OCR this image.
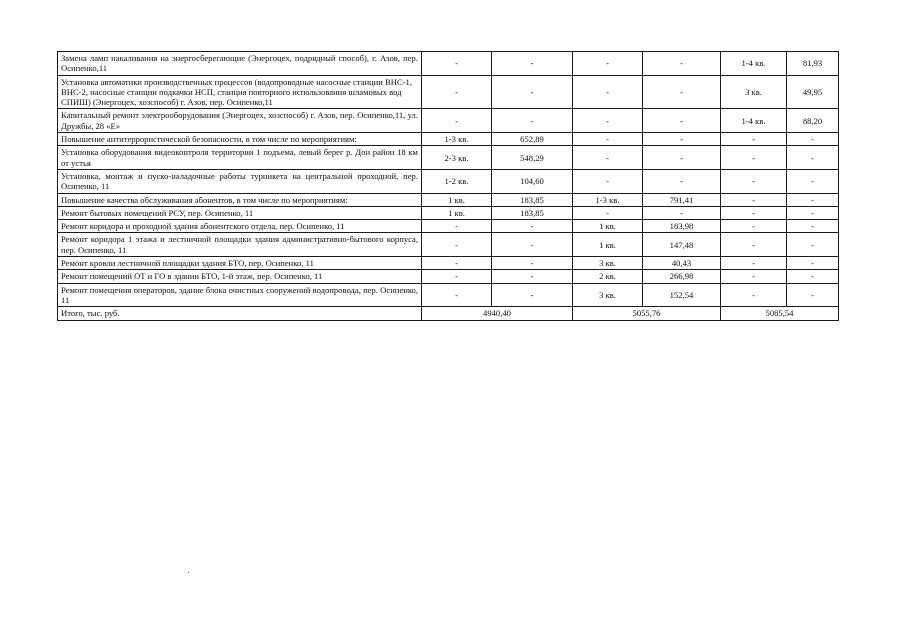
Замена ламп накаливания на энергосберегающие (Энергоцех, подрядный способ), г. Азов, пер. Осипенко,11	-	-	-	-	1-4 кв.	81,93
Установка автоматики производственных процессов (водопроводные насосные станции ВНС-1, ВНС-2, насосные станции подкачки НСП, станция повторного использования шламовых вод СПИШ) (Энергоцех, хозспособ) г. Азов, пер. Осипенко,11	-	-	-	-	3 кв.	49,95
Капитальный ремонт электрооборудования (Энергоцех, хозспособ) г. Азов, пер. Осипенко,11, ул. Дружбы, 28 «Е»	-	-	-	-	1-4 кв.	88,20
Повышение антитеррористической безопасности, в том числе по мероприятиям:	1-3 кв.	652,89	-	-	-	-
Установка оборудования видеоконтроля территории 1 подъема, левый берег р. Дон район 18 км от устья	2-3 кв.	548,29	-	-	-	-
Установка, монтаж и пуско-наладочные работы турникета на центральной проходной, пер. Осипенко, 11	1-2 кв.	104,60	-	-	-	-
Повышение качества обслуживания абонентов, в том числе по мероприятиям:	1 кв.	183,85	1-3 кв.	791,41	-	-
Ремонт бытовых помещений РСУ, пер. Осипенко, 11	1 кв.	183,85	-	-	-	-
Ремонт коридора и проходной здания абонентского отдела, пер. Осипенко, 11	-	-	1 кв.	183,98	-	-
Ремонт коридора 1 этажа и лестничной площадки здания административно-бытового корпуса, пер. Осипенко, 11	-	-	1 кв.	147,48	-	-
Ремонт кровли лестничной площадки здания БТО, пер. Осипенко, 11	-	-	3 кв.	40,43	-	-
Ремонт помещений ОТ и ГО в здании БТО, 1-й этаж, пер. Осипенко, 11	-	-	2 кв.	266,98	-	-
Ремонт помещения операторов, здание блока очистных сооружений водопровода, пер. Осипенко, 11	-	-	3 кв.	152,54	-	-
Итого, тыс. руб.	4940,40		5055,76		5085,54	
